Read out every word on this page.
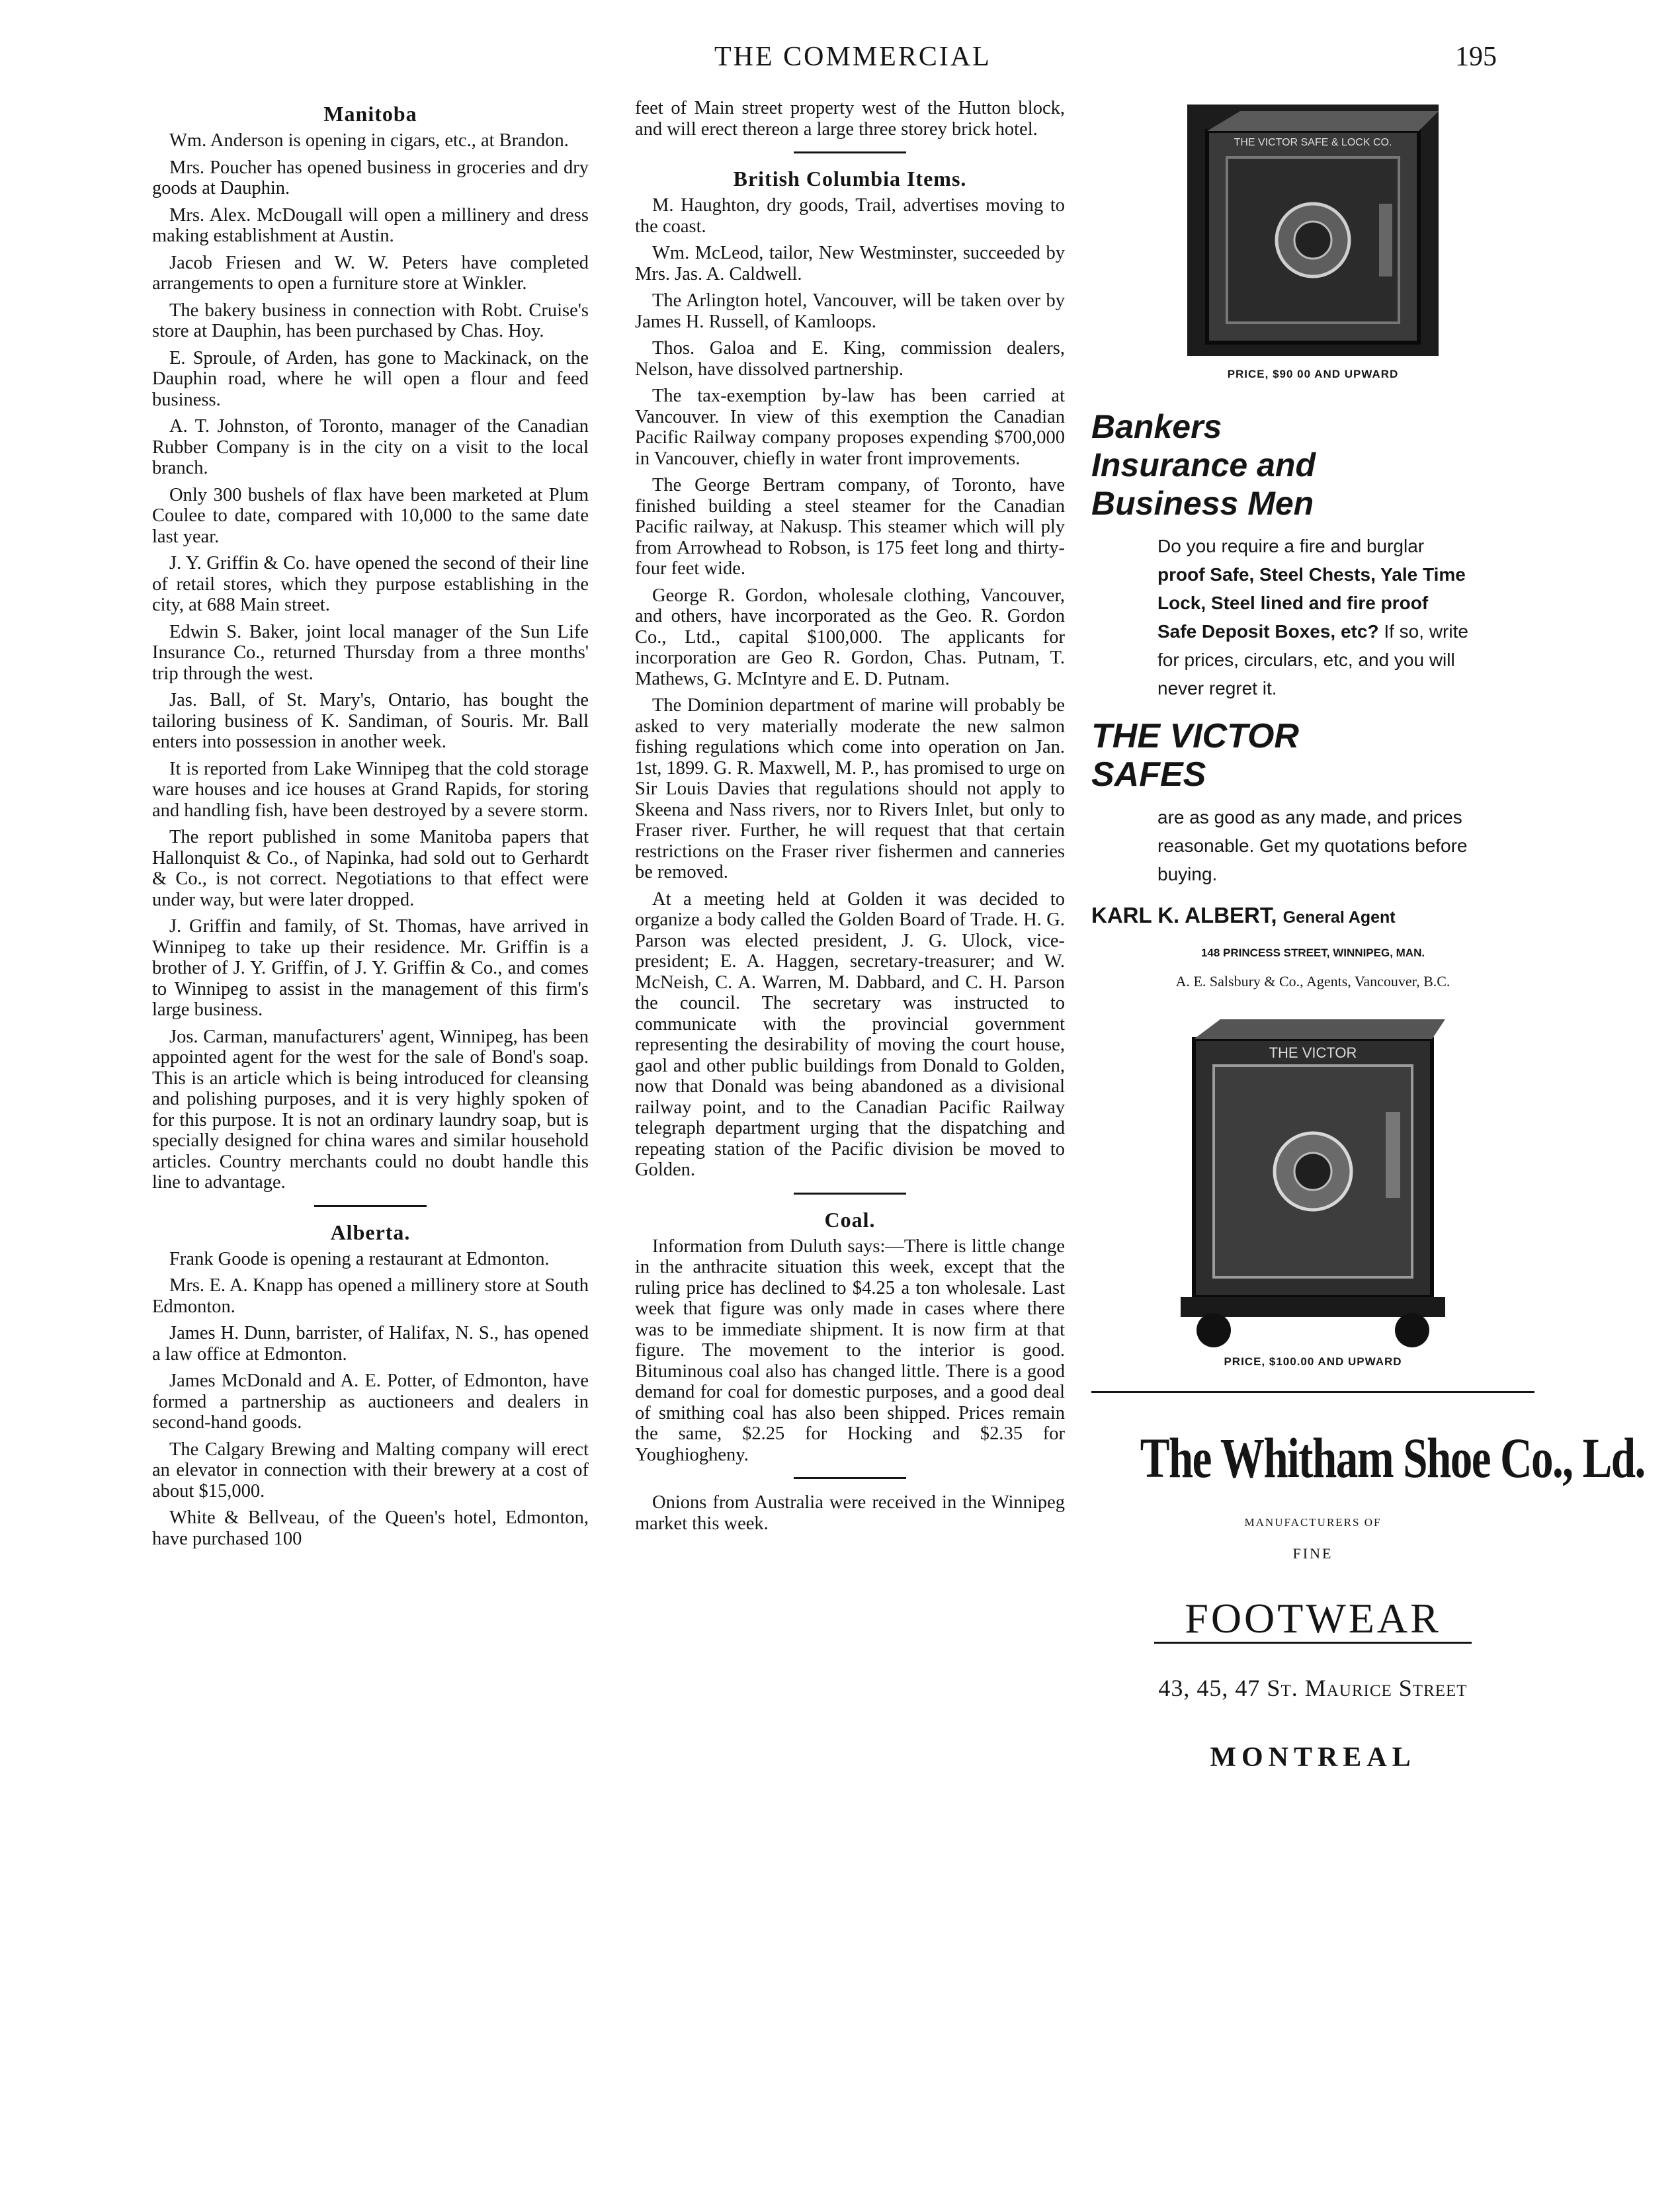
THE COMMERCIAL	195
Manitoba

Wm. Anderson is opening in cigars, etc., at Brandon.

Mrs. Poucher has opened business in groceries and dry goods at Dauphin.

Mrs. Alex. McDougall will open a millinery and dress making establishment at Austin.

Jacob Friesen and W. W. Peters have completed arrangements to open a furniture store at Winkler.

The bakery business in connection with Robt. Cruise's store at Dauphin, has been purchased by Chas. Hoy.

E. Sproule, of Arden, has gone to Mackinack, on the Dauphin road, where he will open a flour and feed business.

A. T. Johnston, of Toronto, manager of the Canadian Rubber Company is in the city on a visit to the local branch.

Only 300 bushels of flax have been marketed at Plum Coulee to date, compared with 10,000 to the same date last year.

J. Y. Griffin & Co. have opened the second of their line of retail stores, which they purpose establishing in the city, at 688 Main street.

Edwin S. Baker, joint local manager of the Sun Life Insurance Co., returned Thursday from a three months' trip through the west.

Jas. Ball, of St. Mary's, Ontario, has bought the tailoring business of K. Sandiman, of Souris. Mr. Ball enters into possession in another week.

It is reported from Lake Winnipeg that the cold storage ware houses and ice houses at Grand Rapids, for storing and handling fish, have been destroyed by a severe storm.

The report published in some Manitoba papers that Hallonquist & Co., of Napinka, had sold out to Gerhardt & Co., is not correct. Negotiations to that effect were under way, but were later dropped.

J. Griffin and family, of St. Thomas, have arrived in Winnipeg to take up their residence. Mr. Griffin is a brother of J. Y. Griffin, of J. Y. Griffin & Co., and comes to Winnipeg to assist in the management of this firm's large business.

Jos. Carman, manufacturers' agent, Winnipeg, has been appointed agent for the west for the sale of Bond's soap. This is an article which is being introduced for cleansing and polishing purposes, and it is very highly spoken of for this purpose. It is not an ordinary laundry soap, but is specially designed for china wares and similar household articles. Country merchants could no doubt handle this line to advantage.

Alberta.

Frank Goode is opening a restaurant at Edmonton.

Mrs. E. A. Knapp has opened a millinery store at South Edmonton.

James H. Dunn, barrister, of Halifax, N. S., has opened a law office at Edmonton.

James McDonald and A. E. Potter, of Edmonton, have formed a partnership as auctioneers and dealers in second-hand goods.

The Calgary Brewing and Malting company will erect an elevator in connection with their brewery at a cost of about $15,000.

White & Bellveau, of the Queen's hotel, Edmonton, have purchased 100

feet of Main street property west of the Hutton block, and will erect thereon a large three storey brick hotel.

British Columbia Items.

M. Haughton, dry goods, Trail, advertises moving to the coast.

Wm. McLeod, tailor, New Westminster, succeeded by Mrs. Jas. A. Caldwell.

The Arlington hotel, Vancouver, will be taken over by James H. Russell, of Kamloops.

Thos. Galoa and E. King, commission dealers, Nelson, have dissolved partnership.

The tax-exemption by-law has been carried at Vancouver. In view of this exemption the Canadian Pacific Railway company proposes expending $700,000 in Vancouver, chiefly in water front improvements.

The George Bertram company, of Toronto, have finished building a steel steamer for the Canadian Pacific railway, at Nakusp. This steamer which will ply from Arrowhead to Robson, is 175 feet long and thirty-four feet wide.

George R. Gordon, wholesale clothing, Vancouver, and others, have incorporated as the Geo. R. Gordon Co., Ltd., capital $100,000. The applicants for incorporation are Geo R. Gordon, Chas. Putnam, T. Mathews, G. McIntyre and E. D. Putnam.

The Dominion department of marine will probably be asked to very materially moderate the new salmon fishing regulations which come into operation on Jan. 1st, 1899. G. R. Maxwell, M. P., has promised to urge on Sir Louis Davies that regulations should not apply to Skeena and Nass rivers, nor to Rivers Inlet, but only to Fraser river. Further, he will request that that certain restrictions on the Fraser river fishermen and canneries be removed.

At a meeting held at Golden it was decided to organize a body called the Golden Board of Trade. H. G. Parson was elected president, J. G. Ulock, vice-president; E. A. Haggen, secretary-treasurer; and W. McNeish, C. A. Warren, M. Dabbard, and C. H. Parson the council. The secretary was instructed to communicate with the provincial government representing the desirability of moving the court house, gaol and other public buildings from Donald to Golden, now that Donald was being abandoned as a divisional railway point, and to the Canadian Pacific Railway telegraph department urging that the dispatching and repeating station of the Pacific division be moved to Golden.

Coal.

Information from Duluth says:—There is little change in the anthracite situation this week, except that the ruling price has declined to $4.25 a ton wholesale. Last week that figure was only made in cases where there was to be immediate shipment. It is now firm at that figure. The movement to the interior is good. Bituminous coal also has changed little. There is a good demand for coal for domestic purposes, and a good deal of smithing coal has also been shipped. Prices remain the same, $2.25 for Hocking and $2.35 for Youghiogheny.

Onions from Australia were received in the Winnipeg market this week.

THE VICTOR SAFE & LOCK CO.
PRICE, $90 00 AND UPWARD
Bankers
Insurance and
Business Men
Do you require a fire and burglar proof Safe, Steel Chests, Yale Time Lock, Steel lined and fire proof Safe Deposit Boxes, etc? If so, write for prices, circulars, etc, and you will never regret it.
THE VICTOR
SAFES
are as good as any made, and prices reasonable. Get my quotations before buying.
KARL K. ALBERT, General Agent
148 PRINCESS STREET, WINNIPEG, MAN.
A. E. Salsbury & Co., Agents, Vancouver, B.C.
THE VICTOR
PRICE, $100.00 AND UPWARD
The Whitham Shoe Co., Ld.
MANUFACTURERS OF
FINE
FOOTWEAR
43, 45, 47 St. Maurice Street
MONTREAL
